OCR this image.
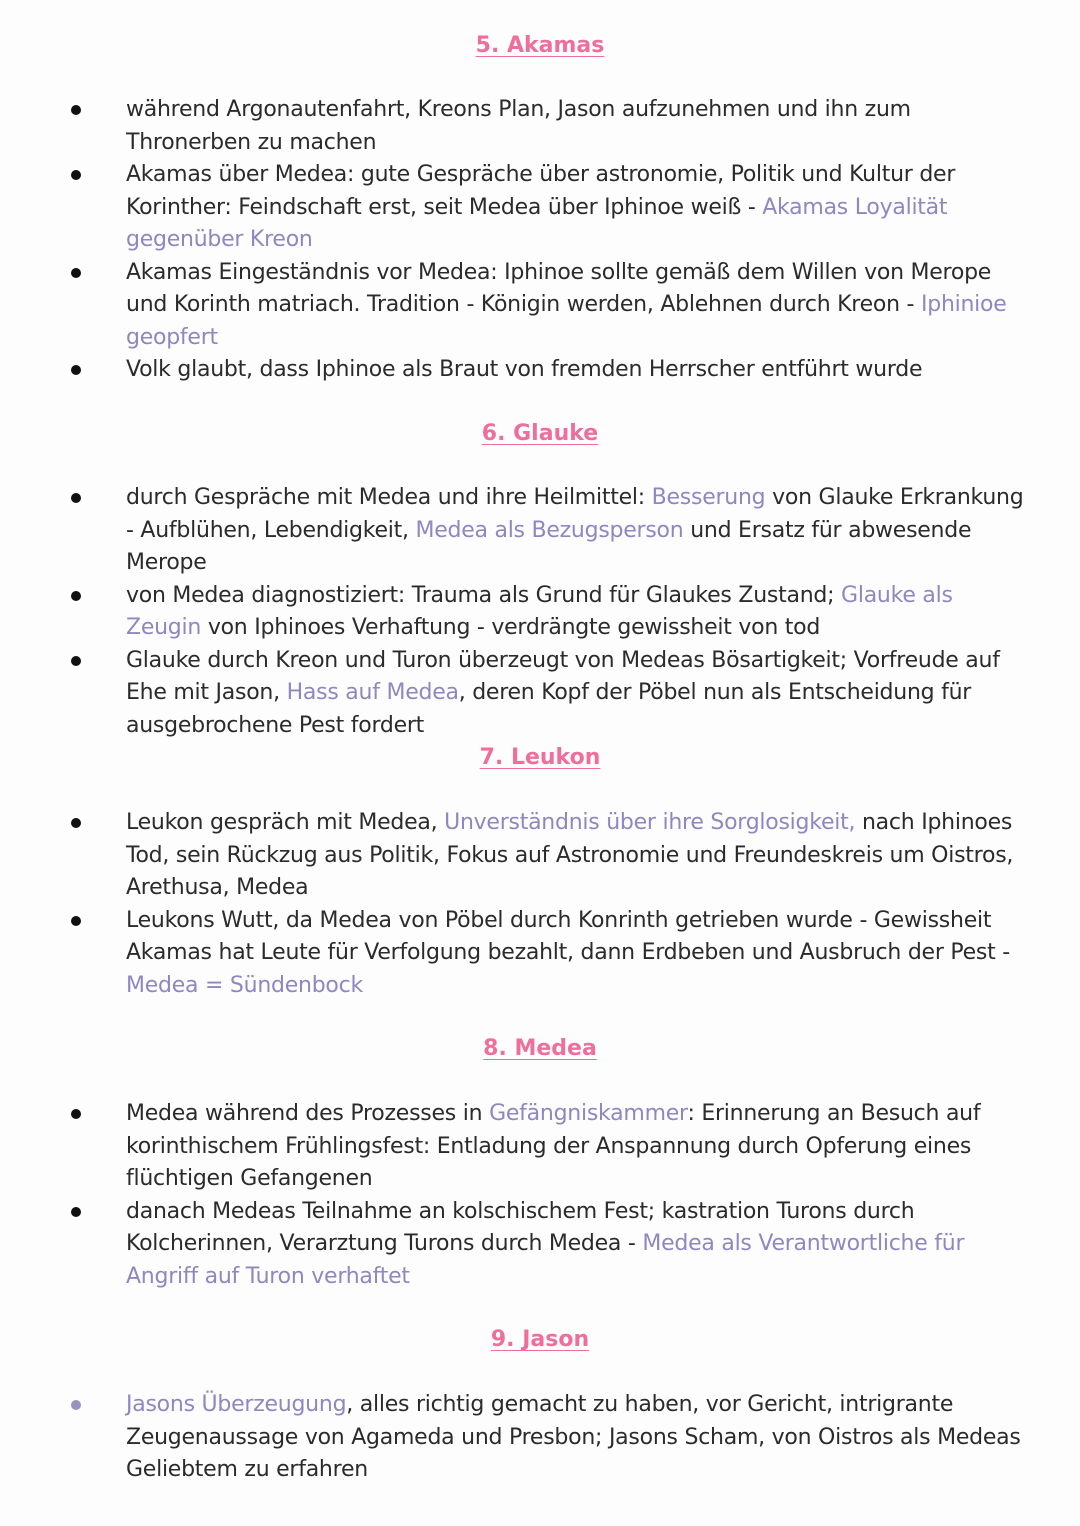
5. Akamas
während Argonautenfahrt, Kreons Plan, Jason aufzunehmen und ihn zum Thronerben zu machen
Akamas über Medea: gute Gespräche über astronomie, Politik und Kultur der Korinther: Feindschaft erst, seit Medea über Iphinoe weiß - Akamas Loyalität gegenüber Kreon
Akamas Eingeständnis vor Medea: Iphinoe sollte gemäß dem Willen von Merope und Korinth matriach. Tradition - Königin werden, Ablehnen durch Kreon - Iphinioe geopfert
Volk glaubt, dass Iphinoe als Braut von fremden Herrscher entführt wurde
6. Glauke
durch Gespräche mit Medea und ihre Heilmittel: Besserung von Glauke Erkrankung - Aufblühen, Lebendigkeit, Medea als Bezugsperson und Ersatz für abwesende Merope
von Medea diagnostiziert: Trauma als Grund für Glaukes Zustand; Glauke als Zeugin von Iphinoes Verhaftung - verdrängte gewissheit von tod
Glauke durch Kreon und Turon überzeugt von Medeas Bösartigkeit; Vorfreude auf Ehe mit Jason, Hass auf Medea, deren Kopf der Pöbel nun als Entscheidung für ausgebrochene Pest fordert
7. Leukon
Leukon gespräch mit Medea, Unverständnis über ihre Sorglosigkeit, nach Iphinoes Tod, sein Rückzug aus Politik, Fokus auf Astronomie und Freundeskreis um Oistros, Arethusa, Medea
Leukons Wutt, da Medea von Pöbel durch Konrinth getrieben wurde - Gewissheit Akamas hat Leute für Verfolgung bezahlt, dann Erdbeben und Ausbruch der Pest - Medea = Sündenbock
8. Medea
Medea während des Prozesses in Gefängniskammer: Erinnerung an Besuch auf korinthischem Frühlingsfest: Entladung der Anspannung durch Opferung eines flüchtigen Gefangenen
danach Medeas Teilnahme an kolschischem Fest; kastration Turons durch Kolcherinnen, Verarztung Turons durch Medea - Medea als Verantwortliche für Angriff auf Turon verhaftet
9. Jason
Jasons Überzeugung, alles richtig gemacht zu haben, vor Gericht, intrigrante Zeugenaussage von Agameda und Presbon; Jasons Scham, von Oistros als Medeas Geliebtem zu erfahren
